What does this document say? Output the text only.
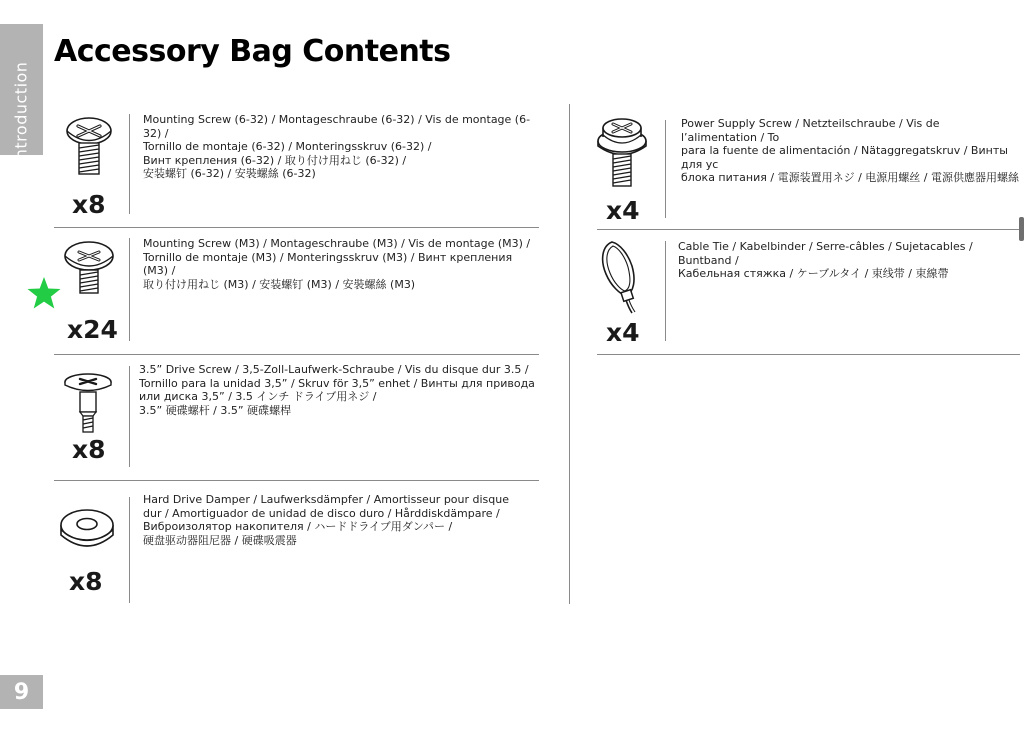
Introduction
Accessory Bag Contents
9
x8

Mounting Screw (6-32) / Montageschraube (6-32) / Vis de montage (6-32) /
Tornillo de montaje (6-32) / Monteringsskruv (6-32) /
Винт крепления (6-32) / 取り付け用ねじ (6-32) /
安装螺钉 (6-32) / 安裝螺絲 (6-32)

x24

Mounting Screw (M3) / Montageschraube (M3) / Vis de montage (M3) /
Tornillo de montaje (M3) / Monteringsskruv (M3) / Винт крепления (M3) /
取り付け用ねじ (M3) / 安装螺钉 (M3) / 安裝螺絲 (M3)

x8

3.5” Drive Screw / 3,5-Zoll-Laufwerk-Schraube / Vis du disque dur 3.5 /
Tornillo para la unidad 3,5” / Skruv för 3,5” enhet / Винты для привода
или диска 3,5” / 3.5 インチ ドライブ用ネジ /
3.5” 硬碟螺杆 / 3.5” 硬碟螺桿

x8

Hard Drive Damper / Laufwerksdämpfer / Amortisseur pour disque
dur / Amortiguador de unidad de disco duro / Hårddiskdämpare /
Виброизолятор накопителя / ハードドライブ用ダンパー /
硬盘驱动器阻尼器 / 硬碟吸震器

x4

Power Supply Screw / Netzteilschraube / Vis de l’alimentation / To
para la fuente de alimentación / Nätaggregatskruv / Винты для ус
блока питания / 電源装置用ネジ / 电源用螺丝 / 電源供應器用螺絲

x4

Cable Tie / Kabelbinder / Serre-câbles / Sujetacables / Buntband /
Кабельная стяжка / ケーブルタイ / 束线带 / 束線帶
